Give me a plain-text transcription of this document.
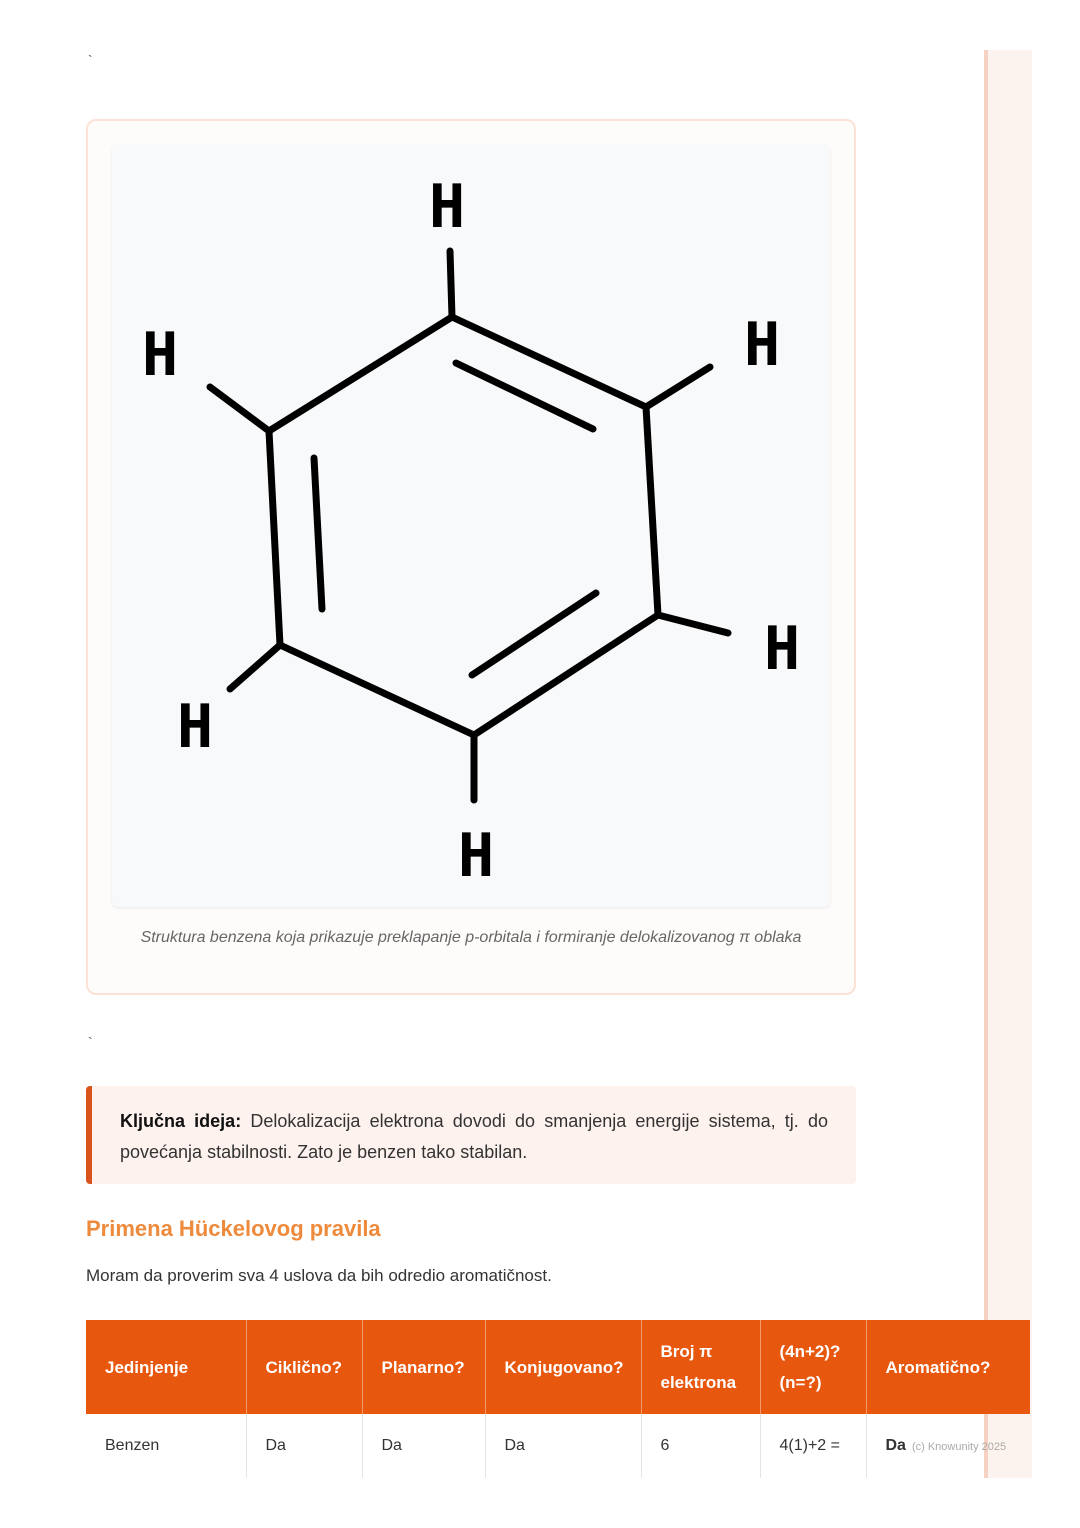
`
`
H
H
H
H
H
H
Struktura benzena koja prikazuje preklapanje p-orbitala i formiranje delokalizovanog π oblaka
Ključna ideja: Delokalizacija elektrona dovodi do smanjenja energije sistema, tj. do povećanja stabilnosti. Zato je benzen tako stabilan.
Primena Hückelovog pravila
Moram da proverim sva 4 uslova da bih odredio aromatičnost.
Jedinjenje	Ciklično?	Planarno?	Konjugovano?	Broj π elektrona	(4n+2)? (n=?)	Aromatično?
Benzen	Da	Da	Da	6	4(1)+2 =	Da (c) Knowunity 2025
